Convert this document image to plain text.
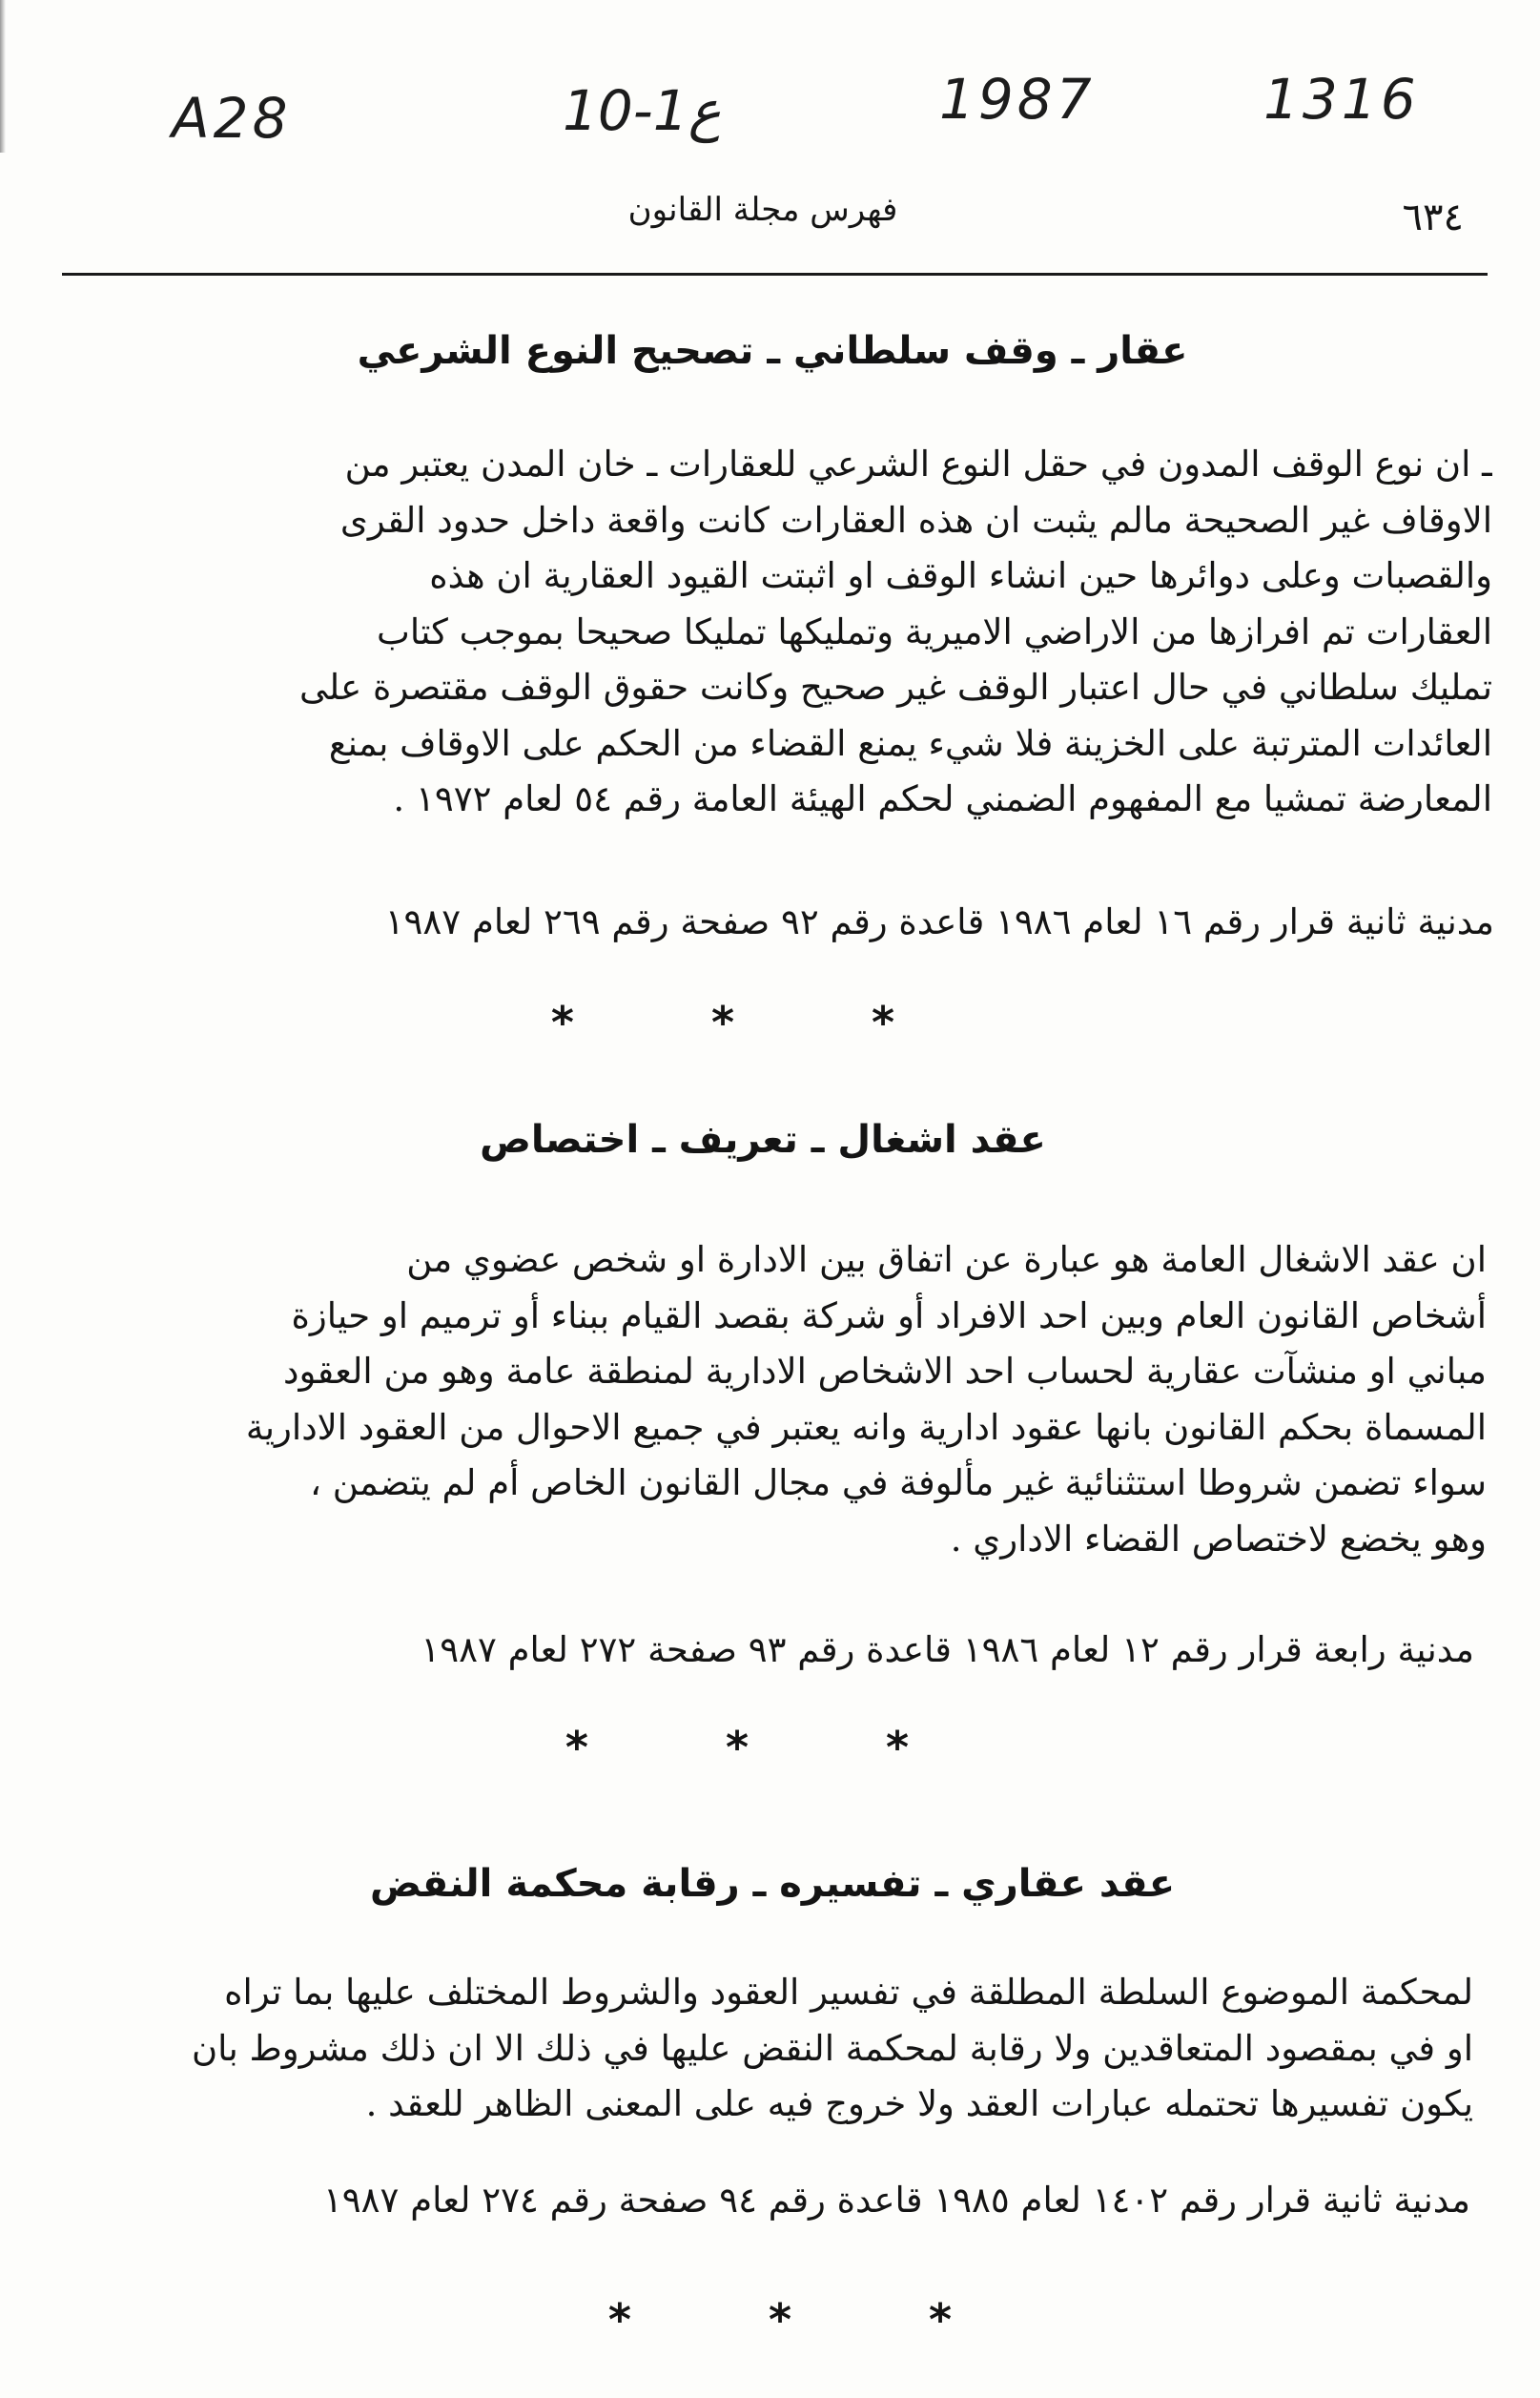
A28	10-1ع	1987	1316
فهرس مجلة القانون	٦٣٤
عقار ـ وقف سلطاني ـ تصحيح النوع الشرعي
ـ ان نوع الوقف المدون في حقل النوع الشرعي للعقارات ـ خان المدن يعتبر من
الاوقاف غير الصحيحة مالم يثبت ان هذه العقارات كانت واقعة داخل حدود القرى
والقصبات وعلى دوائرها حين انشاء الوقف او اثبتت القيود العقارية ان هذه
العقارات تم افرازها من الاراضي الاميرية وتمليكها تمليكا صحيحا بموجب كتاب
تمليك سلطاني في حال اعتبار الوقف غير صحيح وكانت حقوق الوقف مقتصرة على
العائدات المترتبة على الخزينة فلا شيء يمنع القضاء من الحكم على الاوقاف بمنع
المعارضة تمشيا مع المفهوم الضمني لحكم الهيئة العامة رقم ٥٤ لعام ١٩٧٢ .
مدنية ثانية قرار رقم ١٦ لعام ١٩٨٦ قاعدة رقم ٩٢ صفحة رقم ٢٦٩ لعام ١٩٨٧
* * *
عقد اشغال ـ تعريف ـ اختصاص
ان عقد الاشغال العامة هو عبارة عن اتفاق بين الادارة او شخص عضوي من
أشخاص القانون العام وبين احد الافراد أو شركة بقصد القيام ببناء أو ترميم او حيازة
مباني او منشآت عقارية لحساب احد الاشخاص الادارية لمنطقة عامة وهو من العقود
المسماة بحكم القانون بانها عقود ادارية وانه يعتبر في جميع الاحوال من العقود الادارية
سواء تضمن شروطا استثنائية غير مألوفة في مجال القانون الخاص أم لم يتضمن ،
وهو يخضع لاختصاص القضاء الاداري .
مدنية رابعة قرار رقم ١٢ لعام ١٩٨٦ قاعدة رقم ٩٣ صفحة ٢٧٢ لعام ١٩٨٧
* * *
عقد عقاري ـ تفسيره ـ رقابة محكمة النقض
لمحكمة الموضوع السلطة المطلقة في تفسير العقود والشروط المختلف عليها بما تراه
او في بمقصود المتعاقدين ولا رقابة لمحكمة النقض عليها في ذلك الا ان ذلك مشروط بان
يكون تفسيرها تحتمله عبارات العقد ولا خروج فيه على المعنى الظاهر للعقد .
مدنية ثانية قرار رقم ١٤٠٢ لعام ١٩٨٥ قاعدة رقم ٩٤ صفحة رقم ٢٧٤ لعام ١٩٨٧
* * *
